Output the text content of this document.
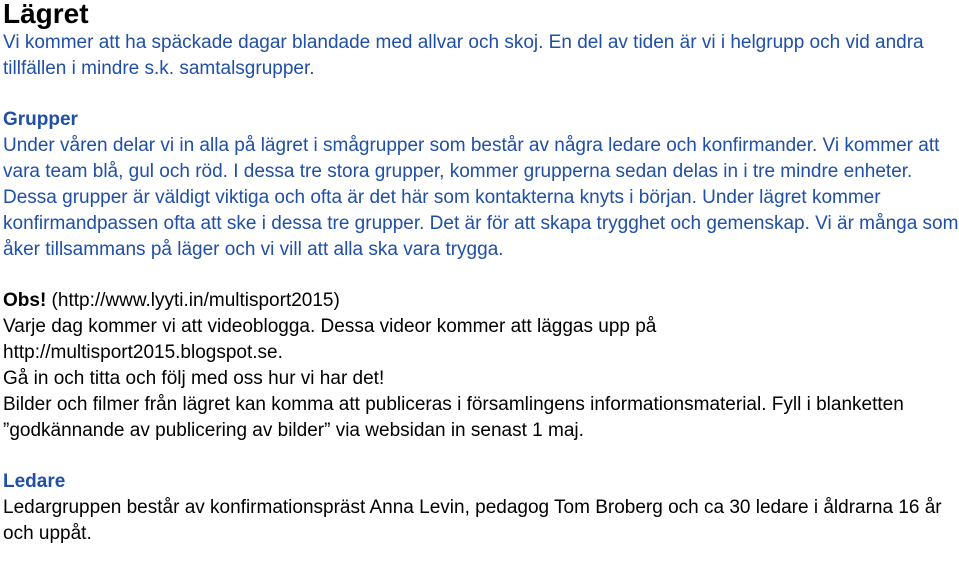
Lägret

Vi kommer att ha späckade dagar blandade med allvar och skoj. En del av tiden är vi i helgrupp och vid andra tillfällen i mindre s.k. samtalsgrupper.

Grupper

Under våren delar vi in alla på lägret i smågrupper som består av några ledare och konfirmander. Vi kommer att vara team blå, gul och röd. I dessa tre stora grupper, kommer grupperna sedan delas in i tre mindre enheter. Dessa grupper är väldigt viktiga och ofta är det här som kontakterna knyts i början. Under lägret kommer konfirmandpassen ofta att ske i dessa tre grupper. Det är för att skapa trygghet och gemenskap. Vi är många som åker tillsammans på läger och vi vill att alla ska vara trygga.

Obs! (http://www.lyyti.in/multisport2015)

Varje dag kommer vi att videoblogga. Dessa videor kommer att läggas upp på

http://multisport2015.blogspot.se.

Gå in och titta och följ med oss hur vi har det!

Bilder och filmer från lägret kan komma att publiceras i församlingens informationsmaterial. Fyll i blanketten ”godkännande av publicering av bilder” via websidan in senast 1 maj.

Ledare

Ledargruppen består av konfirmationspräst Anna Levin, pedagog Tom Broberg och ca 30 ledare i åldrarna 16 år och uppåt.
